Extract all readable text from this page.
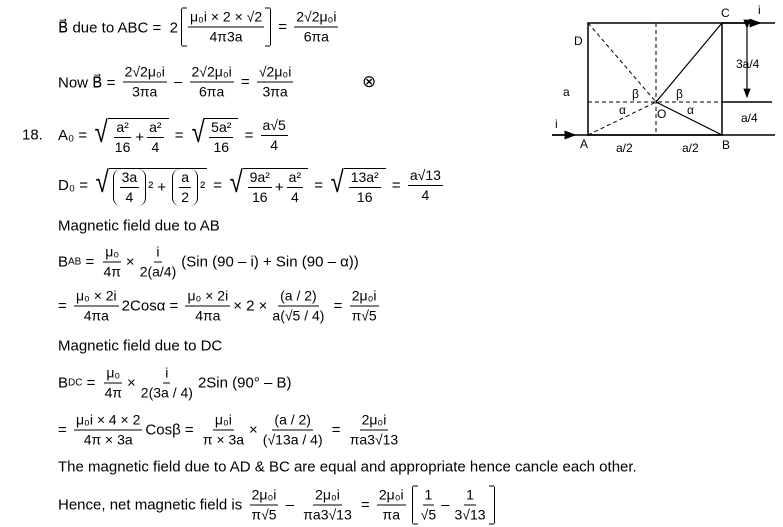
B⃗ due to ABC =  $2 \frac{\text{μ₀i × 2 × √2}}{4\pi 3a} = \frac{\text{2√2μ₀i}}{6\pi a}$
Now B⃗ = $\frac{\text{2√2μ₀i}}{3\pi a} - \frac{\text{2√2μ₀i}}{6\pi a} = \frac{\text{√2μ₀i}}{3\pi a}$
A₀ = √ $\frac{\text{a²}}{16} + \frac{\text{a²}}{4}$ = √ $\frac{\text{5a²}}{16} = \frac{a√5}{4}$
D₀ = √ $\frac{3a}{4} ^2 + \frac{a}{2} ^2$ = √ $\frac{\text{9a²}}{16} + \frac{\text{a²}}{4}$ = √ $\frac{\text{13a²}}{16} = \frac{a√13}{4}$
Magnetic field due to AB
B AB = $\frac{\text{μ₀}}{4\pi} \times \frac{i}{2(a/4)} (Sin$ (90 – i) + Sin (90 – α))
= $\frac{\text{μ₀ × 2i}}{4\pi a} 2Cos\alpha = \frac{\text{μ₀ × 2i}}{4\pi a} \times 2 \times \frac{(a / 2)}{a(√5 / 4)} = \frac{\text{2μ₀i}}{\pi√5}$
Magnetic field due to DC
B DC = $\frac{\text{μ₀}}{4\pi} \times \frac{i}{2(3a / 4)} 2Sin$ (90° – B)
= $\frac{\text{μ₀i × 4 × 2}}{4\pi \times 3a}$ $Cos\beta = \frac{\text{μ₀i}}{\pi \times 3a} \times \frac{(a / 2)}{(√13a / 4)} = \frac{\text{2μ₀i}}{\pi a3√13}$
The magnetic field due to AD & BC are equal and appropriate hence cancle each other.
Hence, net magnetic field is $\frac{\text{2μ₀i}}{\pi√5} - \frac{\text{2μ₀i}}{\pi a3√13} = \frac{\text{2μ₀i}}{\pi a} \frac{1}{√5} - \frac{1}{3√13}$
18.
⊗
C i
D
3a/4
a	β	β
α	α
O	a/4
i
A a/2	a/2 B
